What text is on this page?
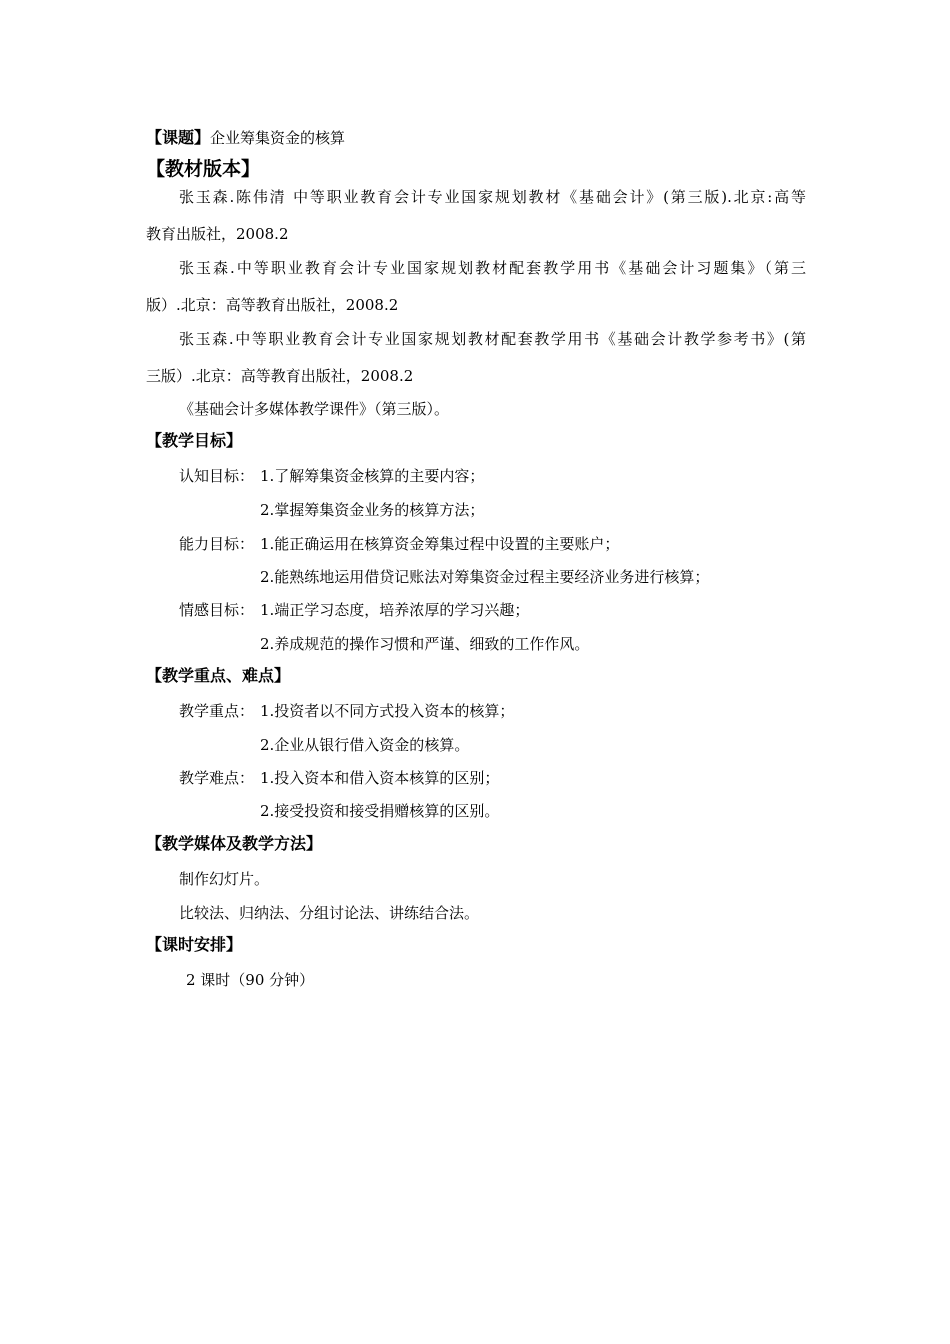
【课题】企业筹集资金的核算
【教材版本】
张玉森.陈伟清 中等职业教育会计专业国家规划教材《基础会计》(第三版).北京:高等
教育出版社，2008.2
张玉森.中等职业教育会计专业国家规划教材配套教学用书《基础会计习题集》（第三
版）.北京：高等教育出版社，2008.2
张玉森.中等职业教育会计专业国家规划教材配套教学用书《基础会计教学参考书》(第
三版）.北京：高等教育出版社，2008.2
《基础会计多媒体教学课件》（第三版）。
【教学目标】
认知目标： 1.了解筹集资金核算的主要内容；
2.掌握筹集资金业务的核算方法；
能力目标： 1.能正确运用在核算资金筹集过程中设置的主要账户；
2.能熟练地运用借贷记账法对筹集资金过程主要经济业务进行核算；
情感目标： 1.端正学习态度，培养浓厚的学习兴趣；
2.养成规范的操作习惯和严谨、细致的工作作风。
【教学重点、难点】
教学重点： 1.投资者以不同方式投入资本的核算；
2.企业从银行借入资金的核算。
教学难点： 1.投入资本和借入资本核算的区别；
2.接受投资和接受捐赠核算的区别。
【教学媒体及教学方法】
制作幻灯片。
比较法、归纳法、分组讨论法、讲练结合法。
【课时安排】
2 课时（90 分钟）
